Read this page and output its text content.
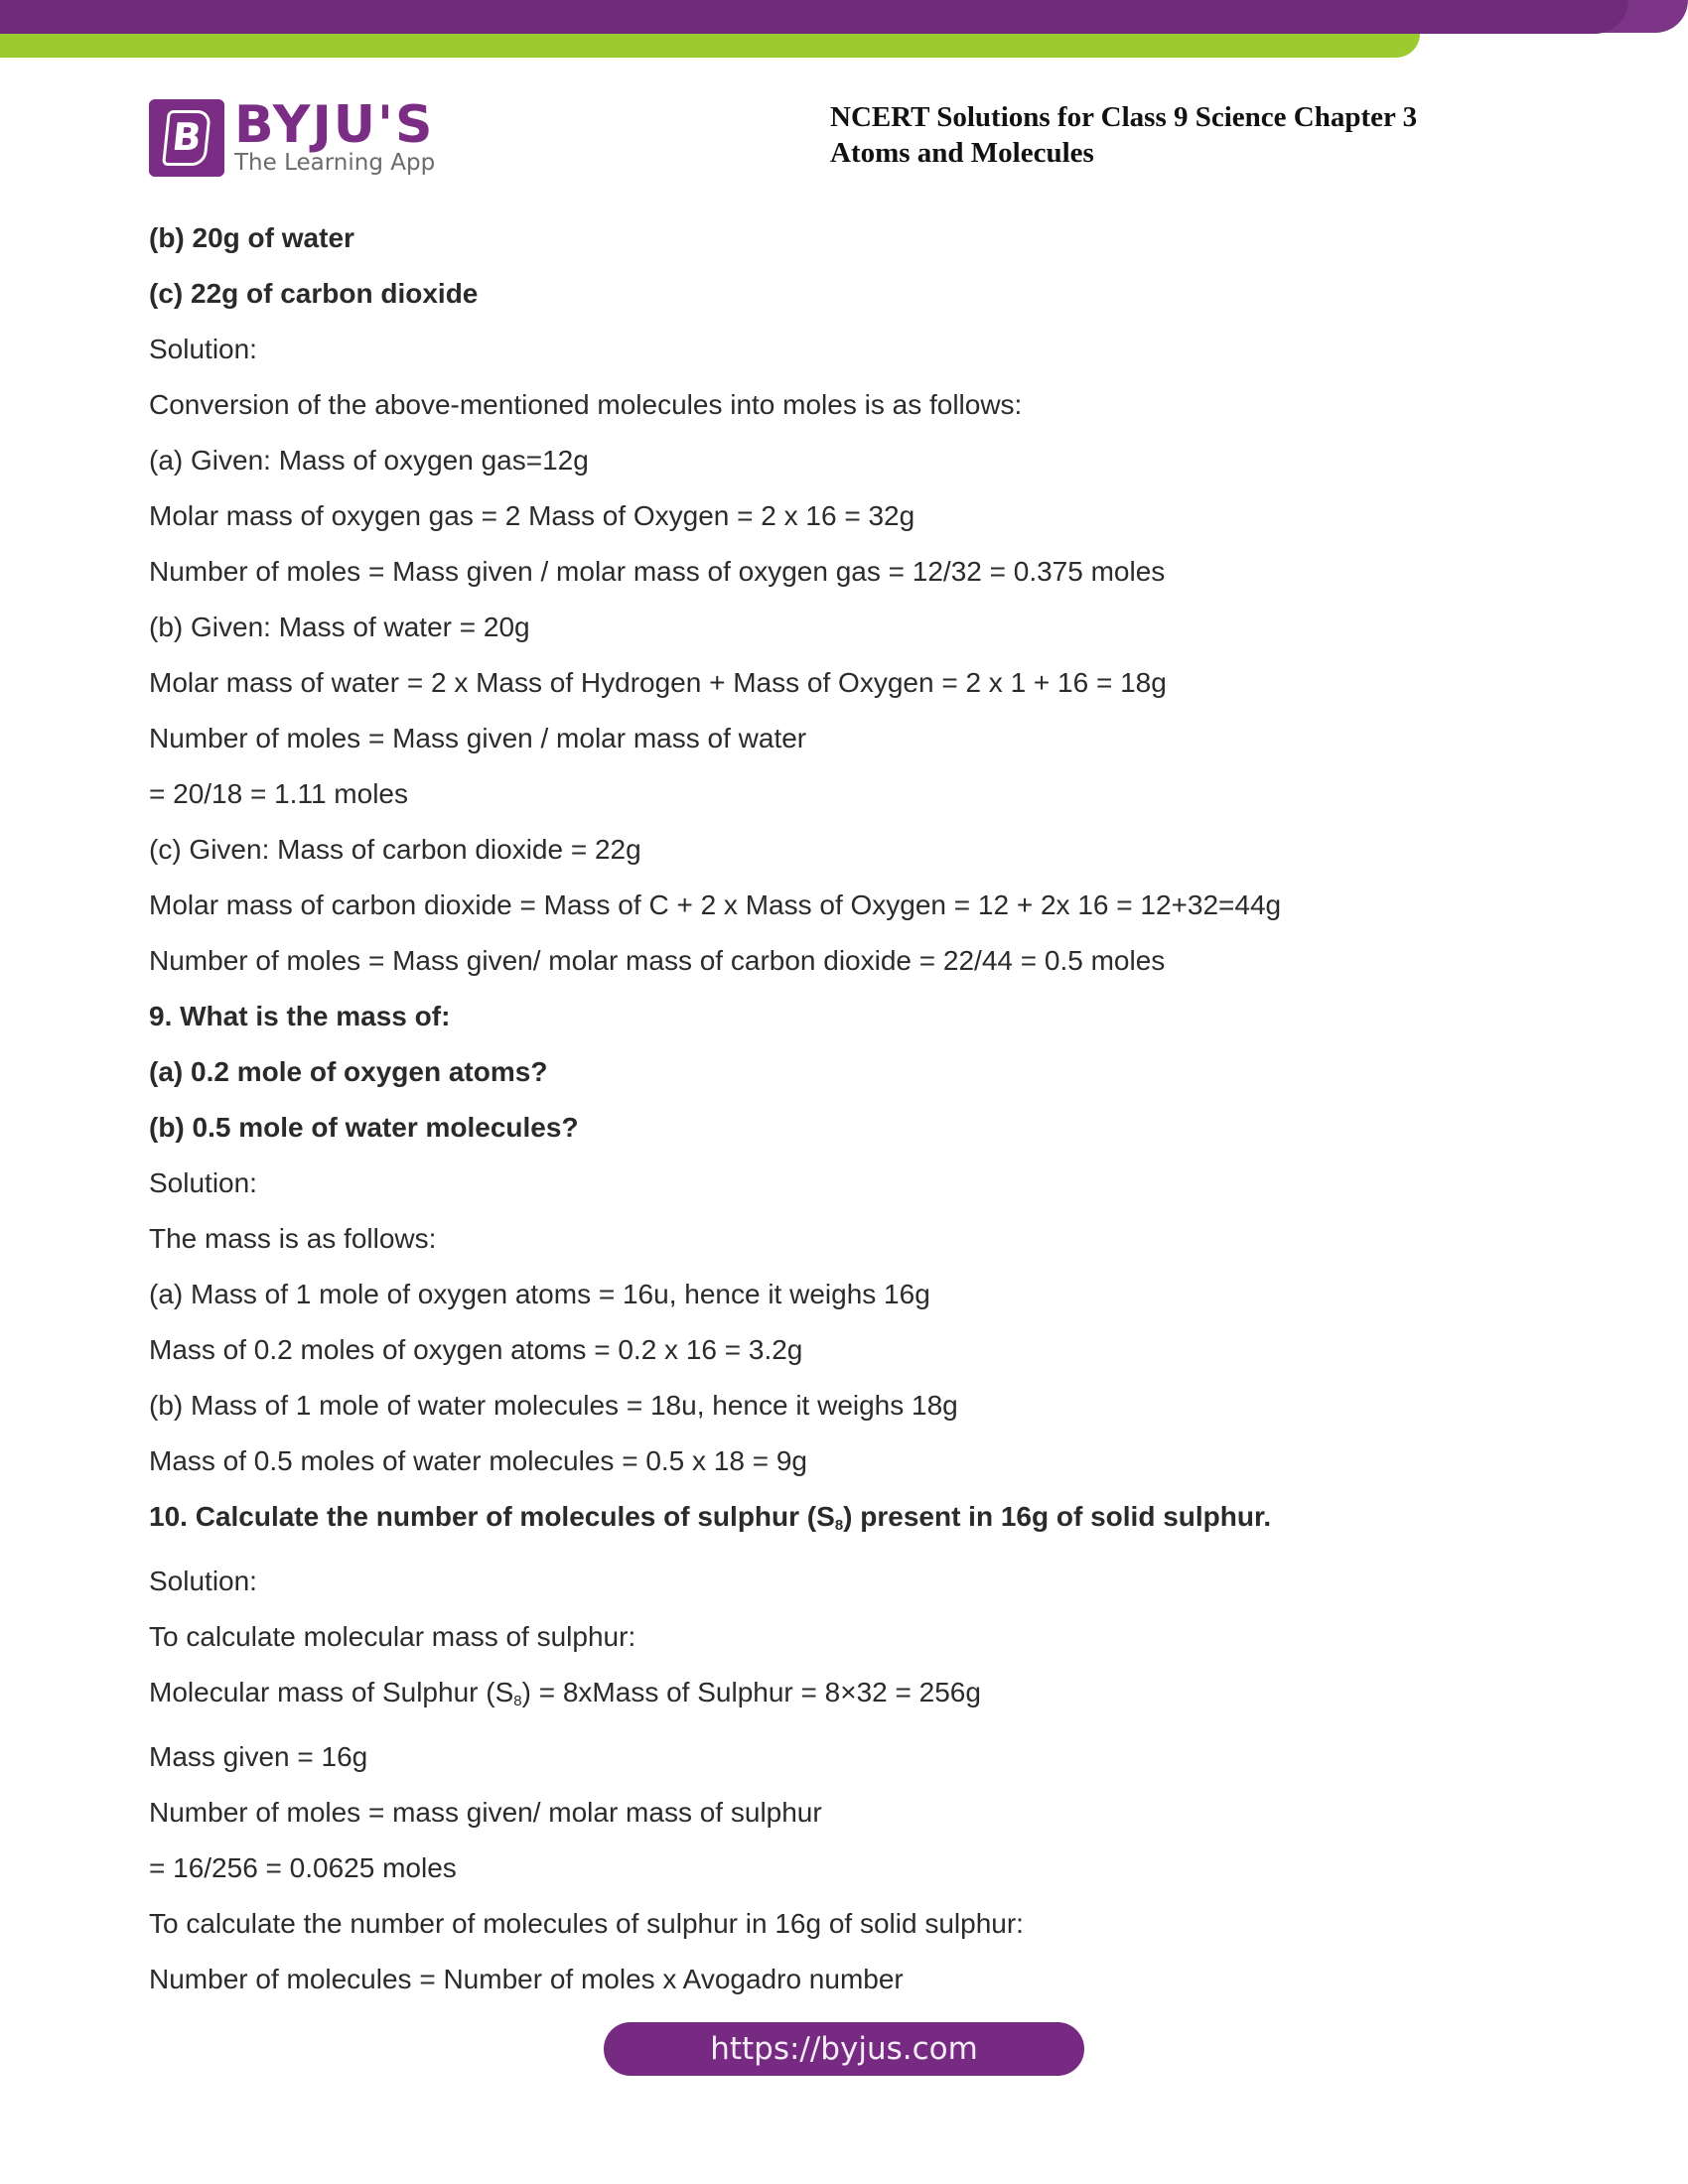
B BYJU'S
The Learning App
NCERT Solutions for Class 9 Science Chapter 3
Atoms and Molecules
(b) 20g of water
(c) 22g of carbon dioxide
Solution:
Conversion of the above-mentioned molecules into moles is as follows:
(a) Given: Mass of oxygen gas=12g
Molar mass of oxygen gas = 2 Mass of Oxygen = 2 x 16 = 32g
Number of moles = Mass given / molar mass of oxygen gas = 12/32 = 0.375 moles
(b) Given: Mass of water = 20g
Molar mass of water = 2 x Mass of Hydrogen + Mass of Oxygen = 2 x 1 + 16 = 18g
Number of moles = Mass given / molar mass of water
= 20/18 = 1.11 moles
(c) Given: Mass of carbon dioxide = 22g
Molar mass of carbon dioxide = Mass of C + 2 x Mass of Oxygen = 12 + 2x 16 = 12+32=44g
Number of moles = Mass given/ molar mass of carbon dioxide = 22/44 = 0.5 moles
9. What is the mass of:
(a) 0.2 mole of oxygen atoms?
(b) 0.5 mole of water molecules?
Solution:
The mass is as follows:
(a) Mass of 1 mole of oxygen atoms = 16u, hence it weighs 16g
Mass of 0.2 moles of oxygen atoms = 0.2 x 16 = 3.2g
(b) Mass of 1 mole of water molecules = 18u, hence it weighs 18g
Mass of 0.5 moles of water molecules = 0.5 x 18 = 9g
10. Calculate the number of molecules of sulphur $(S_8)$ present in 16g of solid sulphur.
Solution:
To calculate molecular mass of sulphur:
Molecular mass of Sulphur $(S_8)$ = 8xMass of Sulphur = 8×32 = 256g
Mass given = 16g
Number of moles = mass given/ molar mass of sulphur
= 16/256 = 0.0625 moles
To calculate the number of molecules of sulphur in 16g of solid sulphur:
Number of molecules = Number of moles x Avogadro number
https://byjus.com
